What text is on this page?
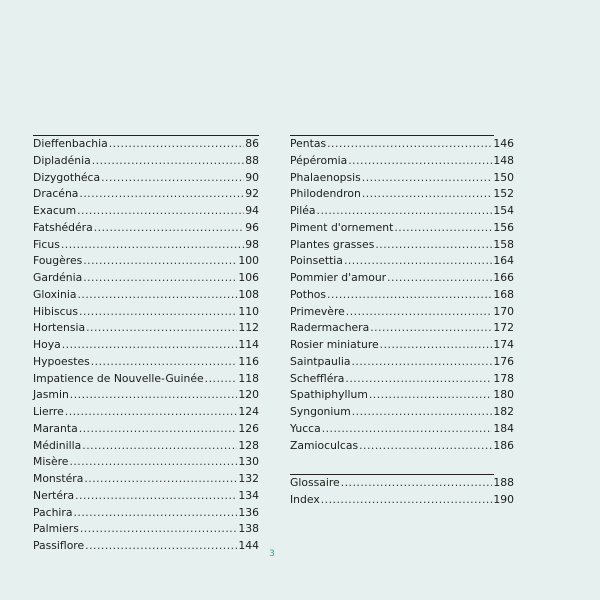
Dieffenbachia .....	86
Dipladénia .....	88
Dizygothéca .....	90
Dracéna .....	92
Exacum .....	94
Fatshédéra .....	96
Ficus .....	98
Fougères .....	100
Gardénia .....	106
Gloxinia .....	108
Hibiscus .....	110
Hortensia .....	112
Hoya .....	114
Hypoestes .....	116
Impatience de Nouvelle-Guinée .....	118
Jasmin .....	120
Lierre .....	124
Maranta .....	126
Médinilla .....	128
Misère .....	130
Monstéra .....	132
Nertéra .....	134
Pachira .....	136
Palmiers .....	138
Passiflore .....	144
Pentas .....	146
Pépéromia .....	148
Phalaenopsis .....	150
Philodendron .....	152
Piléa .....	154
Piment d'ornement .....	156
Plantes grasses .....	158
Poinsettia .....	164
Pommier d'amour .....	166
Pothos .....	168
Primevère .....	170
Radermachera .....	172
Rosier miniature .....	174
Saintpaulia .....	176
Scheffléra .....	178
Spathiphyllum .....	180
Syngonium .....	182
Yucca .....	184
Zamioculcas .....	186
Glossaire .....	188
Index .....	190
3
